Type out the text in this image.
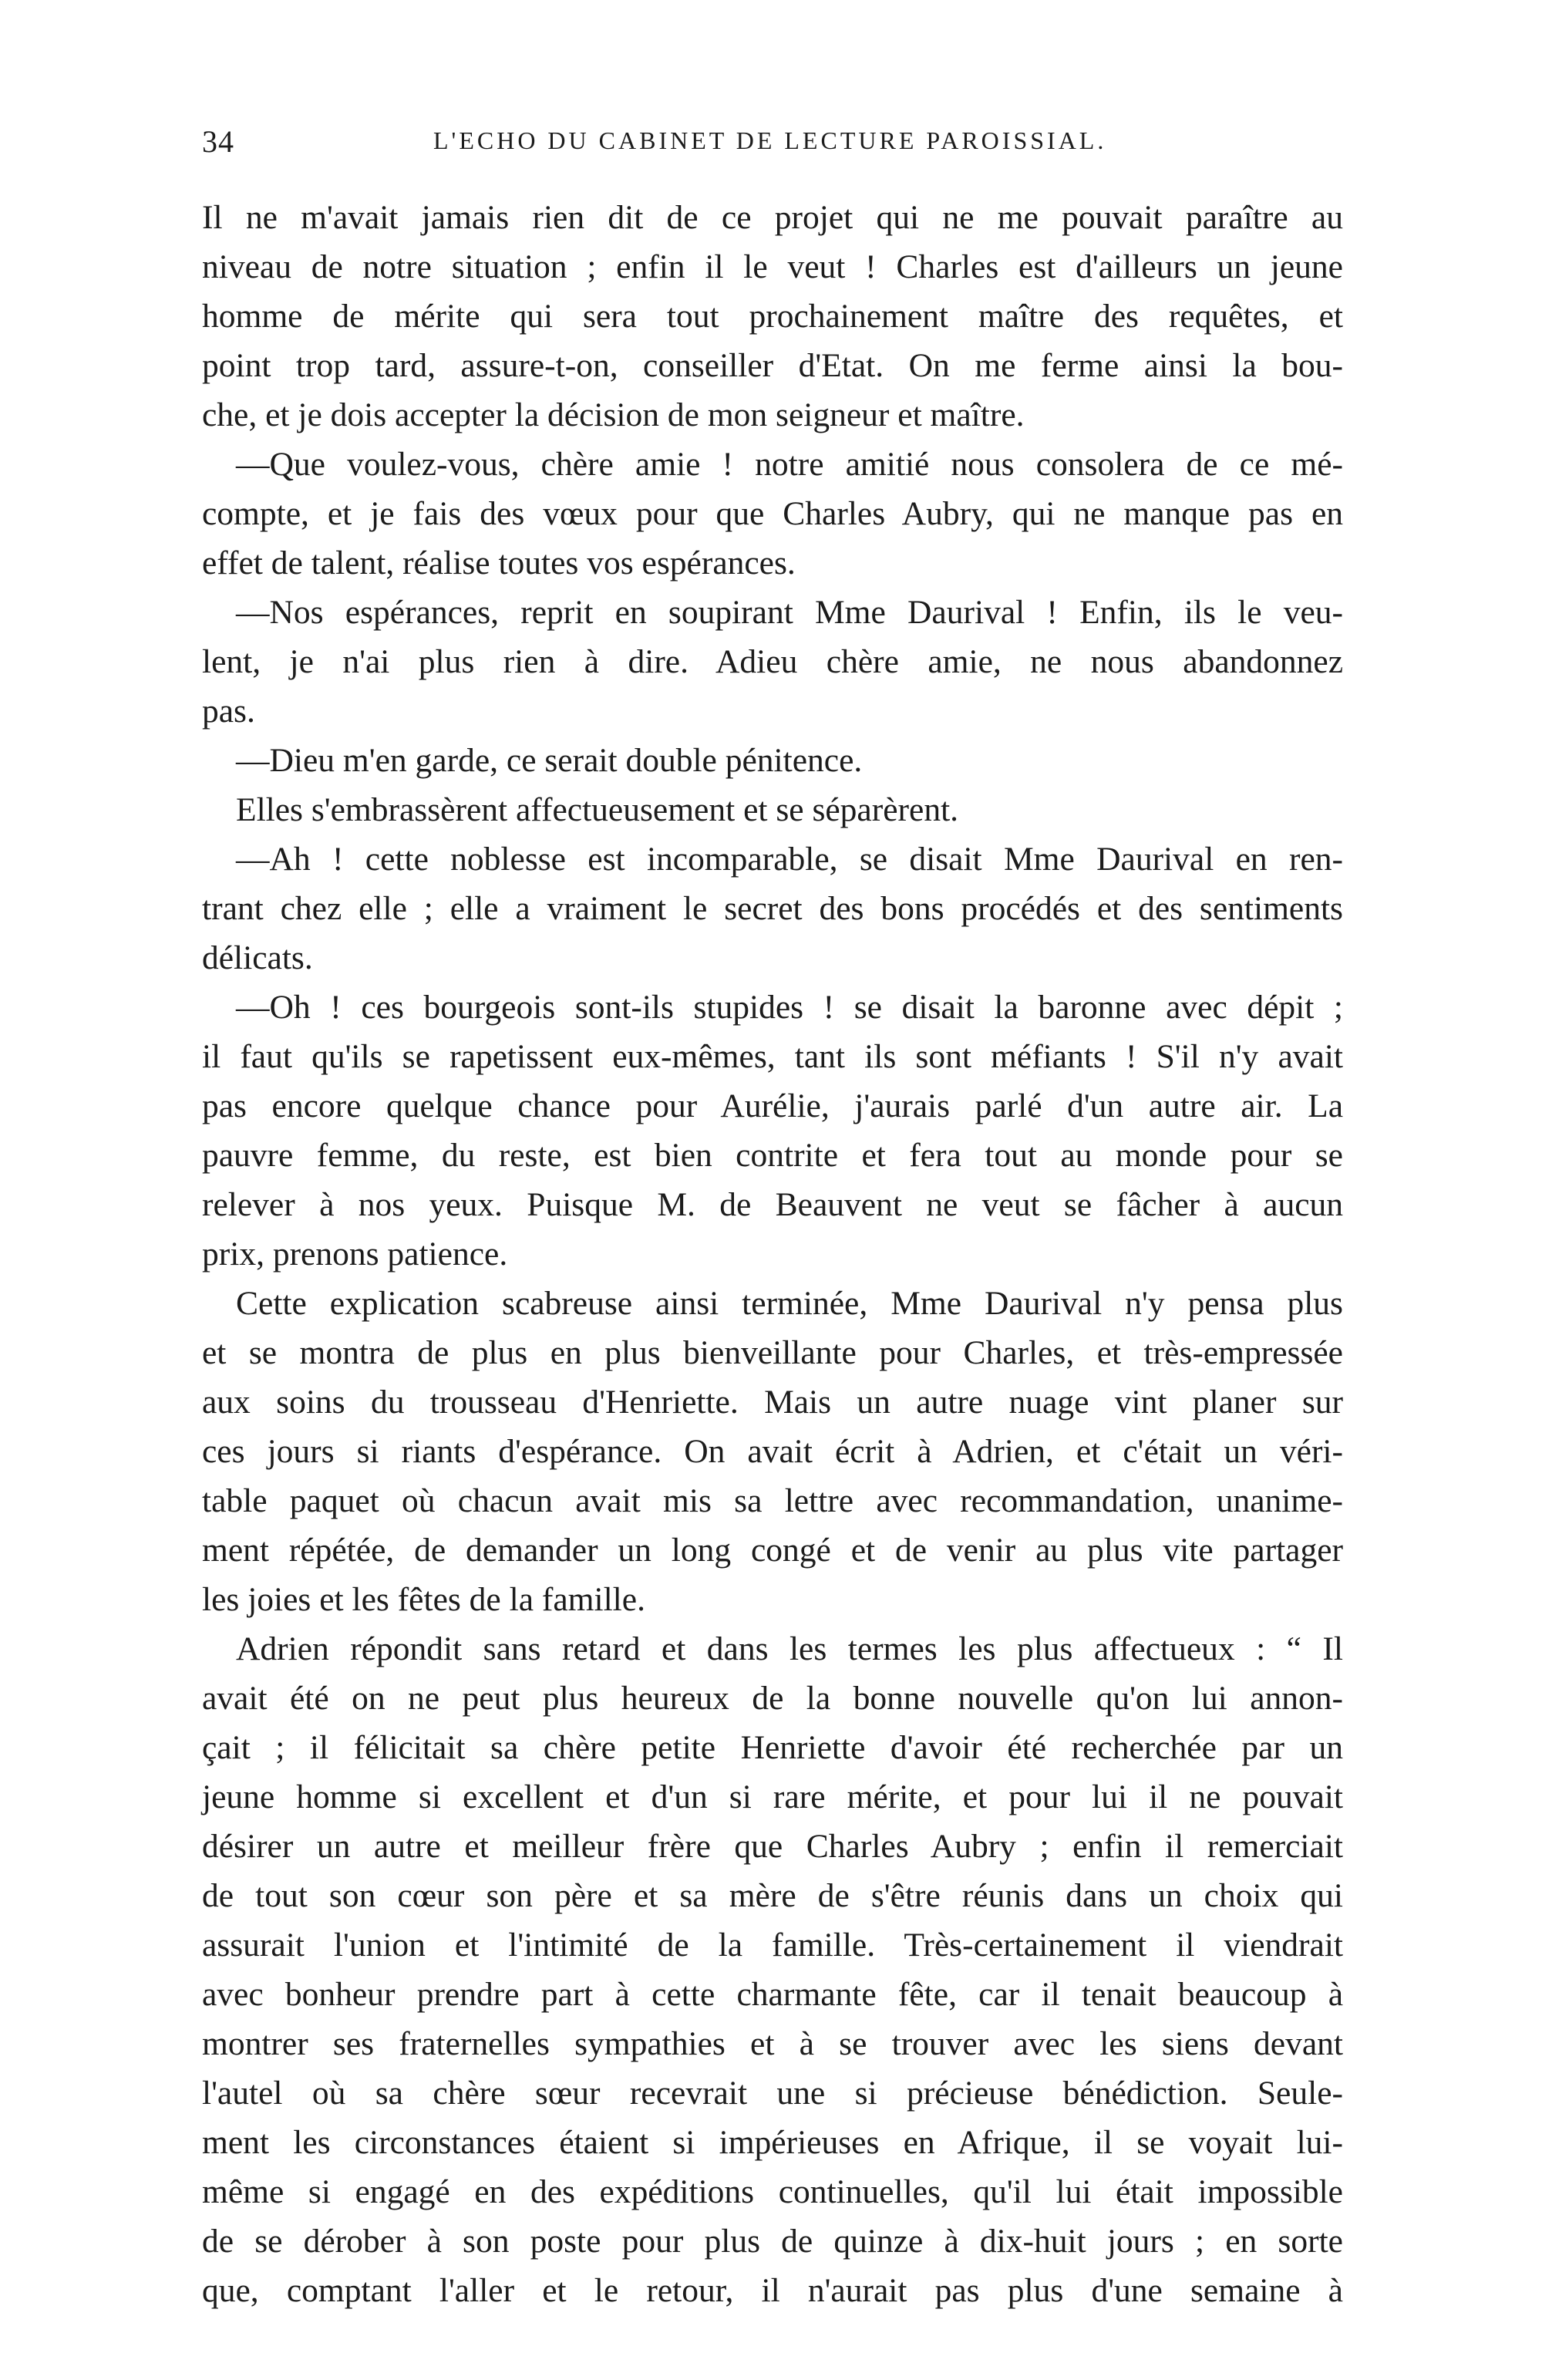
34	L'ECHO DU CABINET DE LECTURE PAROISSIAL.
Il ne m'avait jamais rien dit de ce projet qui ne me pouvait paraître au
niveau de notre situation ; enfin il le veut ! Charles est d'ailleurs un jeune
homme de mérite qui sera tout prochainement maître des requêtes, et
point trop tard, assure-t-on, conseiller d'Etat. On me ferme ainsi la bou-
che, et je dois accepter la décision de mon seigneur et maître.
—Que voulez-vous, chère amie ! notre amitié nous consolera de ce mé-
compte, et je fais des vœux pour que Charles Aubry, qui ne manque pas en
effet de talent, réalise toutes vos espérances.
—Nos espérances, reprit en soupirant Mme Daurival ! Enfin, ils le veu-
lent, je n'ai plus rien à dire. Adieu chère amie, ne nous abandonnez
pas.
—Dieu m'en garde, ce serait double pénitence.
Elles s'embrassèrent affectueusement et se séparèrent.
—Ah ! cette noblesse est incomparable, se disait Mme Daurival en ren-
trant chez elle ; elle a vraiment le secret des bons procédés et des sentiments
délicats.
—Oh ! ces bourgeois sont-ils stupides ! se disait la baronne avec dépit ;
il faut qu'ils se rapetissent eux-mêmes, tant ils sont méfiants ! S'il n'y avait
pas encore quelque chance pour Aurélie, j'aurais parlé d'un autre air. La
pauvre femme, du reste, est bien contrite et fera tout au monde pour se
relever à nos yeux. Puisque M. de Beauvent ne veut se fâcher à aucun
prix, prenons patience.
Cette explication scabreuse ainsi terminée, Mme Daurival n'y pensa plus
et se montra de plus en plus bienveillante pour Charles, et très-empressée
aux soins du trousseau d'Henriette. Mais un autre nuage vint planer sur
ces jours si riants d'espérance. On avait écrit à Adrien, et c'était un véri-
table paquet où chacun avait mis sa lettre avec recommandation, unanime-
ment répétée, de demander un long congé et de venir au plus vite partager
les joies et les fêtes de la famille.
Adrien répondit sans retard et dans les termes les plus affectueux : “ Il
avait été on ne peut plus heureux de la bonne nouvelle qu'on lui annon-
çait ; il félicitait sa chère petite Henriette d'avoir été recherchée par un
jeune homme si excellent et d'un si rare mérite, et pour lui il ne pouvait
désirer un autre et meilleur frère que Charles Aubry ; enfin il remerciait
de tout son cœur son père et sa mère de s'être réunis dans un choix qui
assurait l'union et l'intimité de la famille. Très-certainement il viendrait
avec bonheur prendre part à cette charmante fête, car il tenait beaucoup à
montrer ses fraternelles sympathies et à se trouver avec les siens devant
l'autel où sa chère sœur recevrait une si précieuse bénédiction. Seule-
ment les circonstances étaient si impérieuses en Afrique, il se voyait lui-
même si engagé en des expéditions continuelles, qu'il lui était impossible
de se dérober à son poste pour plus de quinze à dix-huit jours ; en sorte
que, comptant l'aller et le retour, il n'aurait pas plus d'une semaine à
